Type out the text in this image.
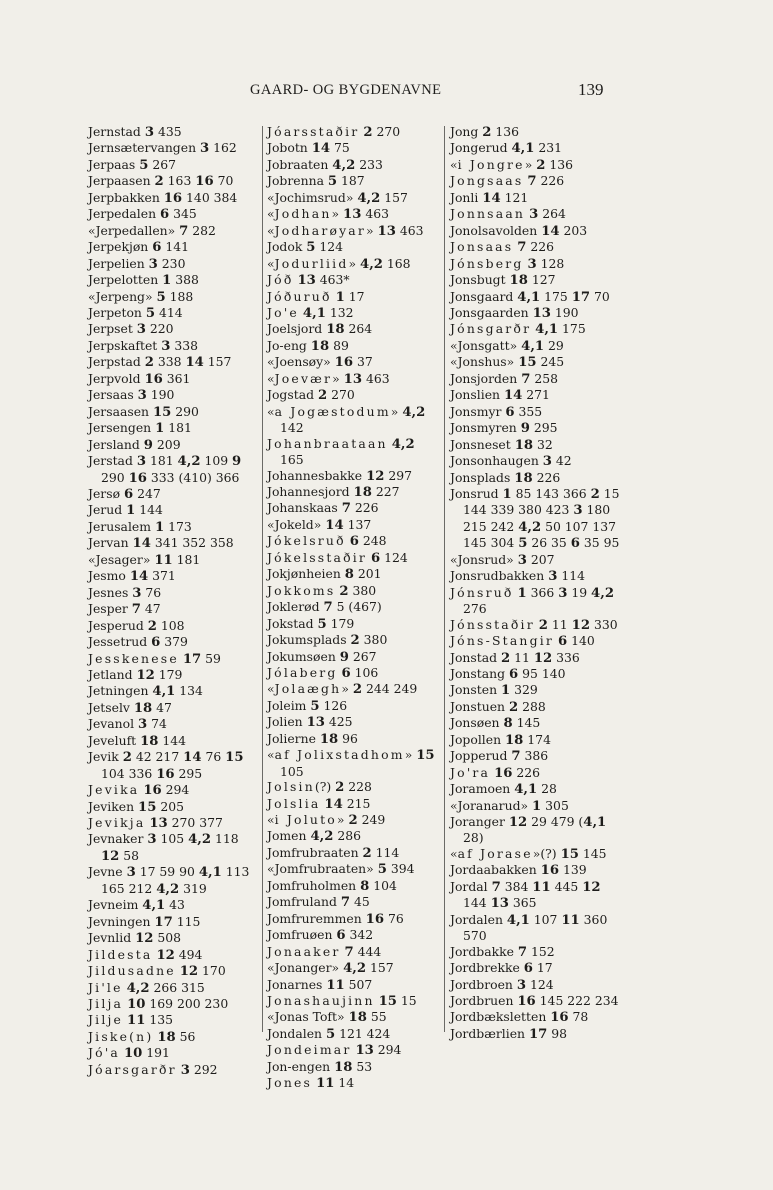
GAARD- OG BYGDENAVNE	139
Jernstad 3 435
Jernsætervangen 3 162
Jerpaas 5 267
Jerpaasen 2 163 16 70
Jerpbakken 16 140 384
Jerpedalen 6 345
«Jerpedallen» 7 282
Jerpekjøn 6 141
Jerpelien 3 230
Jerpelotten 1 388
«Jerpeng» 5 188
Jerpeton 5 414
Jerpset 3 220
Jerpskaftet 3 338
Jerpstad 2 338 14 157
Jerpvold 16 361
Jersaas 3 190
Jersaasen 15 290
Jersengen 1 181
Jersland 9 209
Jerstad 3 181 4,2 109 9 290 16 333 (410) 366
Jersø 6 247
Jerud 1 144
Jerusalem 1 173
Jervan 14 341 352 358
«Jesager» 11 181
Jesmo 14 371
Jesnes 3 76
Jesper 7 47
Jesperud 2 108
Jessetrud 6 379
Jesskenese 17 59
Jetland 12 179
Jetningen 4,1 134
Jetselv 18 47
Jevanol 3 74
Jeveluft 18 144
Jevik 2 42 217 14 76 15 104 336 16 295
Jevika 16 294
Jeviken 15 205
Jevikja 13 270 377
Jevnaker 3 105 4,2 118 12 58
Jevne 3 17 59 90 4,1 113 165 212 4,2 319
Jevneim 4,1 43
Jevningen 17 115
Jevnlid 12 508
Jildesta 12 494
Jildusadne 12 170
Ji'le 4,2 266 315
Jilja 10 169 200 230
Jilje 11 135
Jiske(n) 18 56
Jó'a 10 191
Jóarsgarðr 3 292
Jóarsstaðir 2 270
Jobotn 14 75
Jobraaten 4,2 233
Jobrenna 5 187
«Jochimsrud» 4,2 157
«Jodhan» 13 463
«Jodharøyar» 13 463
Jodok 5 124
«Jodurliid» 4,2 168
Jóð 13 463*
Jóðuruð 1 17
Jo'e 4,1 132
Joelsjord 18 264
Jo-eng 18 89
«Joensøy» 16 37
«Joevær» 13 463
Jogstad 2 270
«a Jogæstodum» 4,2 142
Johanbraataan 4,2 165
Johannesbakke 12 297
Johannesjord 18 227
Johanskaas 7 226
«Jokeld» 14 137
Jókelsruð 6 248
Jókelsstaðir 6 124
Jokjønheien 8 201
Jokkoms 2 380
Joklerød 7 5 (467)
Jokstad 5 179
Jokumsplads 2 380
Jokumsøen 9 267
Jólaberg 6 106
«Jolaægh» 2 244 249
Joleim 5 126
Jolien 13 425
Jolierne 18 96
«af Jolixstadhom» 15 105
Jolsin(?) 2 228
Jolslia 14 215
«i Joluto» 2 249
Jomen 4,2 286
Jomfrubraaten 2 114
«Jomfrubraaten» 5 394
Jomfruholmen 8 104
Jomfruland 7 45
Jomfruremmen 16 76
Jomfruøen 6 342
Jonaaker 7 444
«Jonanger» 4,2 157
Jonarnes 11 507
Jonashaujinn 15 15
«Jonas Toft» 18 55
Jondalen 5 121 424
Jondeimar 13 294
Jon-engen 18 53
Jones 11 14
Jong 2 136
Jongerud 4,1 231
«i Jongre» 2 136
Jongsaas 7 226
Jonli 14 121
Jonnsaan 3 264
Jonolsavolden 14 203
Jonsaas 7 226
Jónsberg 3 128
Jonsbugt 18 127
Jonsgaard 4,1 175 17 70
Jonsgaarden 13 190
Jónsgarðr 4,1 175
«Jonsgatt» 4,1 29
«Jonshus» 15 245
Jonsjorden 7 258
Jonslien 14 271
Jonsmyr 6 355
Jonsmyren 9 295
Jonsneset 18 32
Jonsonhaugen 3 42
Jonsplads 18 226
Jonsrud 1 85 143 366 2 15 144 339 380 423 3 180 215 242 4,2 50 107 137 145 304 5 26 35 6 35 95
«Jonsrud» 3 207
Jonsrudbakken 3 114
Jónsruð 1 366 3 19 4,2 276
Jónsstaðir 2 11 12 330
Jóns-Stangir 6 140
Jonstad 2 11 12 336
Jonstang 6 95 140
Jonsten 1 329
Jonstuen 2 288
Jonsøen 8 145
Jopollen 18 174
Jopperud 7 386
Jo'ra 16 226
Joramoen 4,1 28
«Joranarud» 1 305
Joranger 12 29 479 (4,1 28)
«af Jorase»(?) 15 145
Jordaabakken 16 139
Jordal 7 384 11 445 12 144 13 365
Jordalen 4,1 107 11 360 570
Jordbakke 7 152
Jordbrekke 6 17
Jordbroen 3 124
Jordbruen 16 145 222 234
Jordbæksletten 16 78
Jordbærlien 17 98
